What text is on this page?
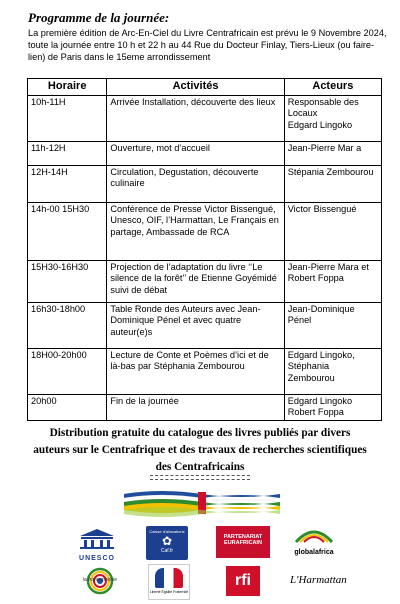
Programme de la journée:

La première édition de Arc-En-Ciel du Livre Centrafricain est prévu le 9 Novembre 2024, toute la journée entre 10 h et 22 h au 44 Rue du Docteur Finlay, Tiers-Lieux (ou faire-lien) de Paris dans le 15eme arrondissement

Horaire	Activités	Acteurs
10h-11H	Arrivée Installation, découverte des lieux	Responsable des Locaux
Edgard Lingoko
11h-12H	Ouverture, mot d’accueil	Jean-Pierre Mar a
12H-14H	Circulation, Degustation, découverte culinaire	Stépania Zembourou
14h-00 15H30	Conférence de Presse Victor Bissengué, Unesco, OIF, l’Harmattan, Le Français en partage, Ambassade de RCA	Victor Bissengué
15H30-16H30	Projection de l’adaptation du livre ‘‘Le silence de la forêt’’ de Etienne Goyémidé suivi de débat	Jean-Pierre Mara et Robert Foppa
16h30-18h00	Table Ronde des Auteurs avec Jean-Dominique Pénel et avec quatre auteur(e)s	Jean-Dominique Pénel
18H00-20h00	Lecture de Conte et Poèmes d’ici et de là-bas par Stéphania Zembourou	Edgard Lingoko, Stéphania Zembourou
20h00	Fin de la journée	Edgard Lingoko
Robert Foppa

Distribution gratuite du catalogue des livres publiés par divers auteurs sur le Centrafrique et des travaux de recherches scientifiques des Centrafricains

UNESCO
Caisse d'allocations
✿
Caf.fr
PARTENARIAT
EURAFRICAIN
globalafrica
la francophonie
Liberté Égalité Fraternité
rfi	L'Harmattan
